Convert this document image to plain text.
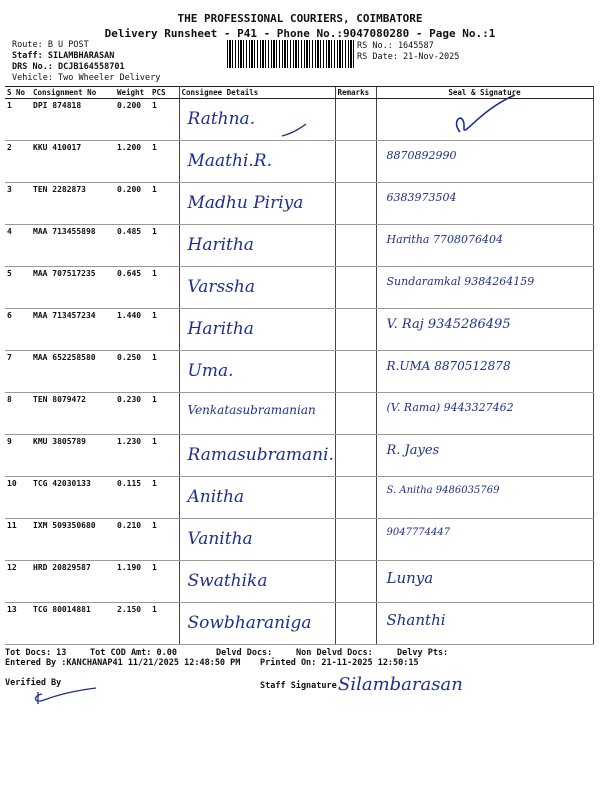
THE PROFESSIONAL COURIERS, COIMBATORE
Delivery Runsheet - P41 - Phone No.:9047080280 - Page No.:1
Route: B U POST
Staff: SILAMBHARASAN
DRS No.: DCJB164558701
Vehicle: Two Wheeler Delivery
RS No.: 1645587
RS Date: 21-Nov-2025
S No	Consignment No	Weight	PCS	Consignee Details	Remarks	Seal & Signature
1	DPI 874818	0.200	1	Rathna.		

2	KKU 410017	1.200	1	Maathi.R.		8870892990

3	TEN 2282873	0.200	1	Madhu Piriya		6383973504

4	MAA 713455898	0.485	1	Haritha		Haritha 7708076404

5	MAA 707517235	0.645	1	Varssha		Sundaramkal 9384264159

6	MAA 713457234	1.440	1	Haritha		V. Raj 9345286495

7	MAA 652258580	0.250	1	Uma.		R.UMA 8870512878

8	TEN 8079472	0.230	1	Venkatasubramanian		(V. Rama) 9443327462

9	KMU 3805789	1.230	1	Ramasubramani.		R. Jayes

10	TCG 42030133	0.115	1	Anitha		S. Anitha 9486035769

11	IXM 509350680	0.210	1	Vanitha		9047774447

12	HRD 20829587	1.190	1	Swathika		Lunya

13	TCG 80014881	2.150	1	Sowbharaniga		Shanthi
Tot Docs: 13	Tot COD Amt: 0.00	Delvd Docs:	Non Delvd Docs:	Delvy Pts:
Entered By :KANCHANAP41 11/21/2025 12:48:50 PM Printed On: 21-11-2025 12:50:15
Verified By	Staff Signature Silambarasan
